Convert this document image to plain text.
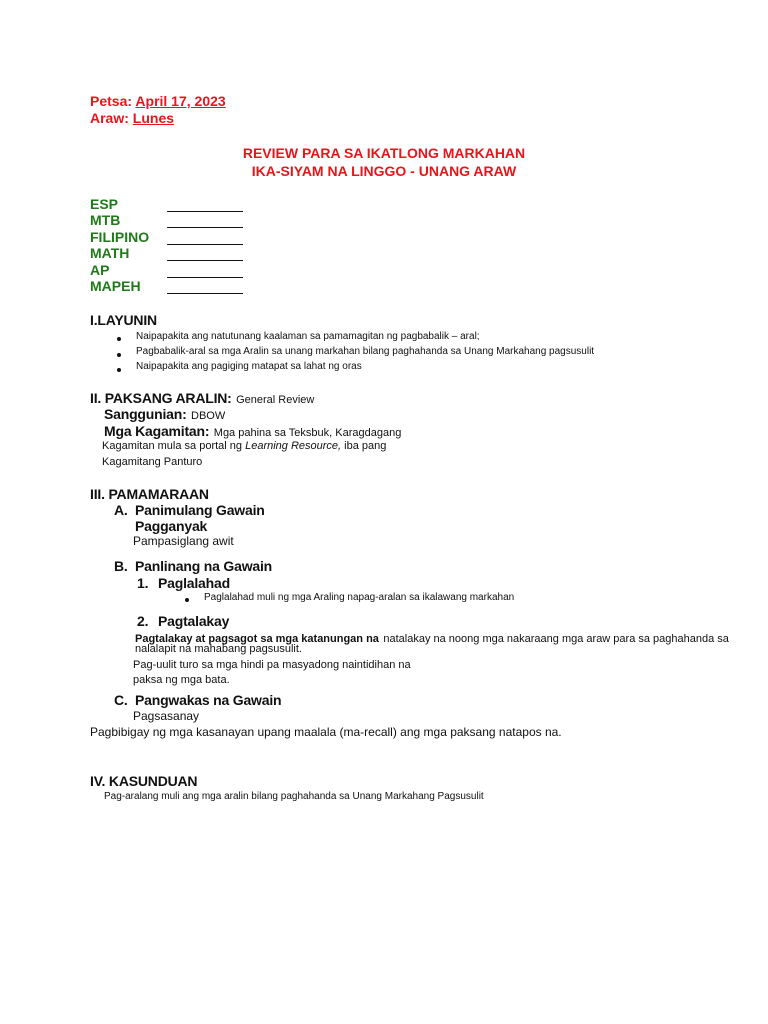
Petsa: April 17, 2023
Araw: Lunes
REVIEW PARA SA IKATLONG MARKAHAN
IKA-SIYAM NA LINGGO - UNANG ARAW
ESP
MTB
FILIPINO
MATH
AP
MAPEH
I.LAYUNIN
Naipapakita ang natutunang kaalaman sa pamamagitan ng pagbabalik – aral;
Pagbabalik-aral sa mga Aralin sa unang markahan bilang paghahanda sa Unang Markahang pagsusulit
Naipapakita ang pagiging matapat sa lahat ng oras
II. PAKSANG ARALIN: General Review
Sanggunian: DBOW
Mga Kagamitan: Mga pahina sa Teksbuk, Karagdagang
Kagamitan mula sa portal ng Learning Resource, iba pang
Kagamitang Panturo
III. PAMAMARAAN
A. Panimulang Gawain
Pagganyak
Pampasiglang awit
B. Panlinang na Gawain
1. Paglalahad
Paglalahad muli ng mga Araling napag-aralan sa ikalawang markahan
2. Pagtalakay
Pagtalakay at pagsagot sa mga katanungan na natalakay na noong mga nakaraang mga araw para sa paghahanda sa
nalalapit na mahabang pagsusulit.
Pag-uulit turo sa mga hindi pa masyadong naintidihan na
paksa ng mga bata.
C. Pangwakas na Gawain
Pagsasanay
Pagbibigay ng mga kasanayan upang maalala (ma-recall) ang mga paksang natapos na.
IV. KASUNDUAN
Pag-aralang muli ang mga aralin bilang paghahanda sa Unang Markahang Pagsusulit
